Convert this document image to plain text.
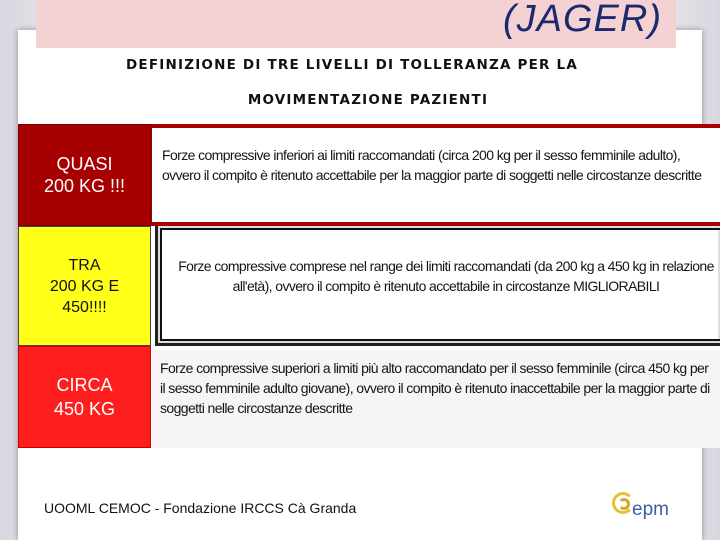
(JAGER)
DEFINIZIONE DI TRE LIVELLI DI TOLLERANZA PER LA
MOVIMENTAZIONE PAZIENTI
QUASI
200 KG !!!
Forze compressive inferiori ai limiti raccomandati (circa 200 kg per il sesso femminile adulto), ovvero il compito è ritenuto accettabile per la maggior parte di soggetti nelle circostanze descritte
TRA
200 KG E
450!!!!
Forze compressive comprese nel range dei limiti raccomandati (da 200 kg a 450 kg in relazione all'età), ovvero il compito è ritenuto accettabile in circostanze MIGLIORABILI
CIRCA
450 KG
Forze compressive superiori a limiti più alto raccomandato per il sesso femminile (circa 450 kg per il sesso femminile adulto giovane), ovvero il compito è ritenuto inaccettabile per la maggior parte di soggetti nelle circostanze descritte
UOOML CEMOC - Fondazione IRCCS Cà Granda	epm
